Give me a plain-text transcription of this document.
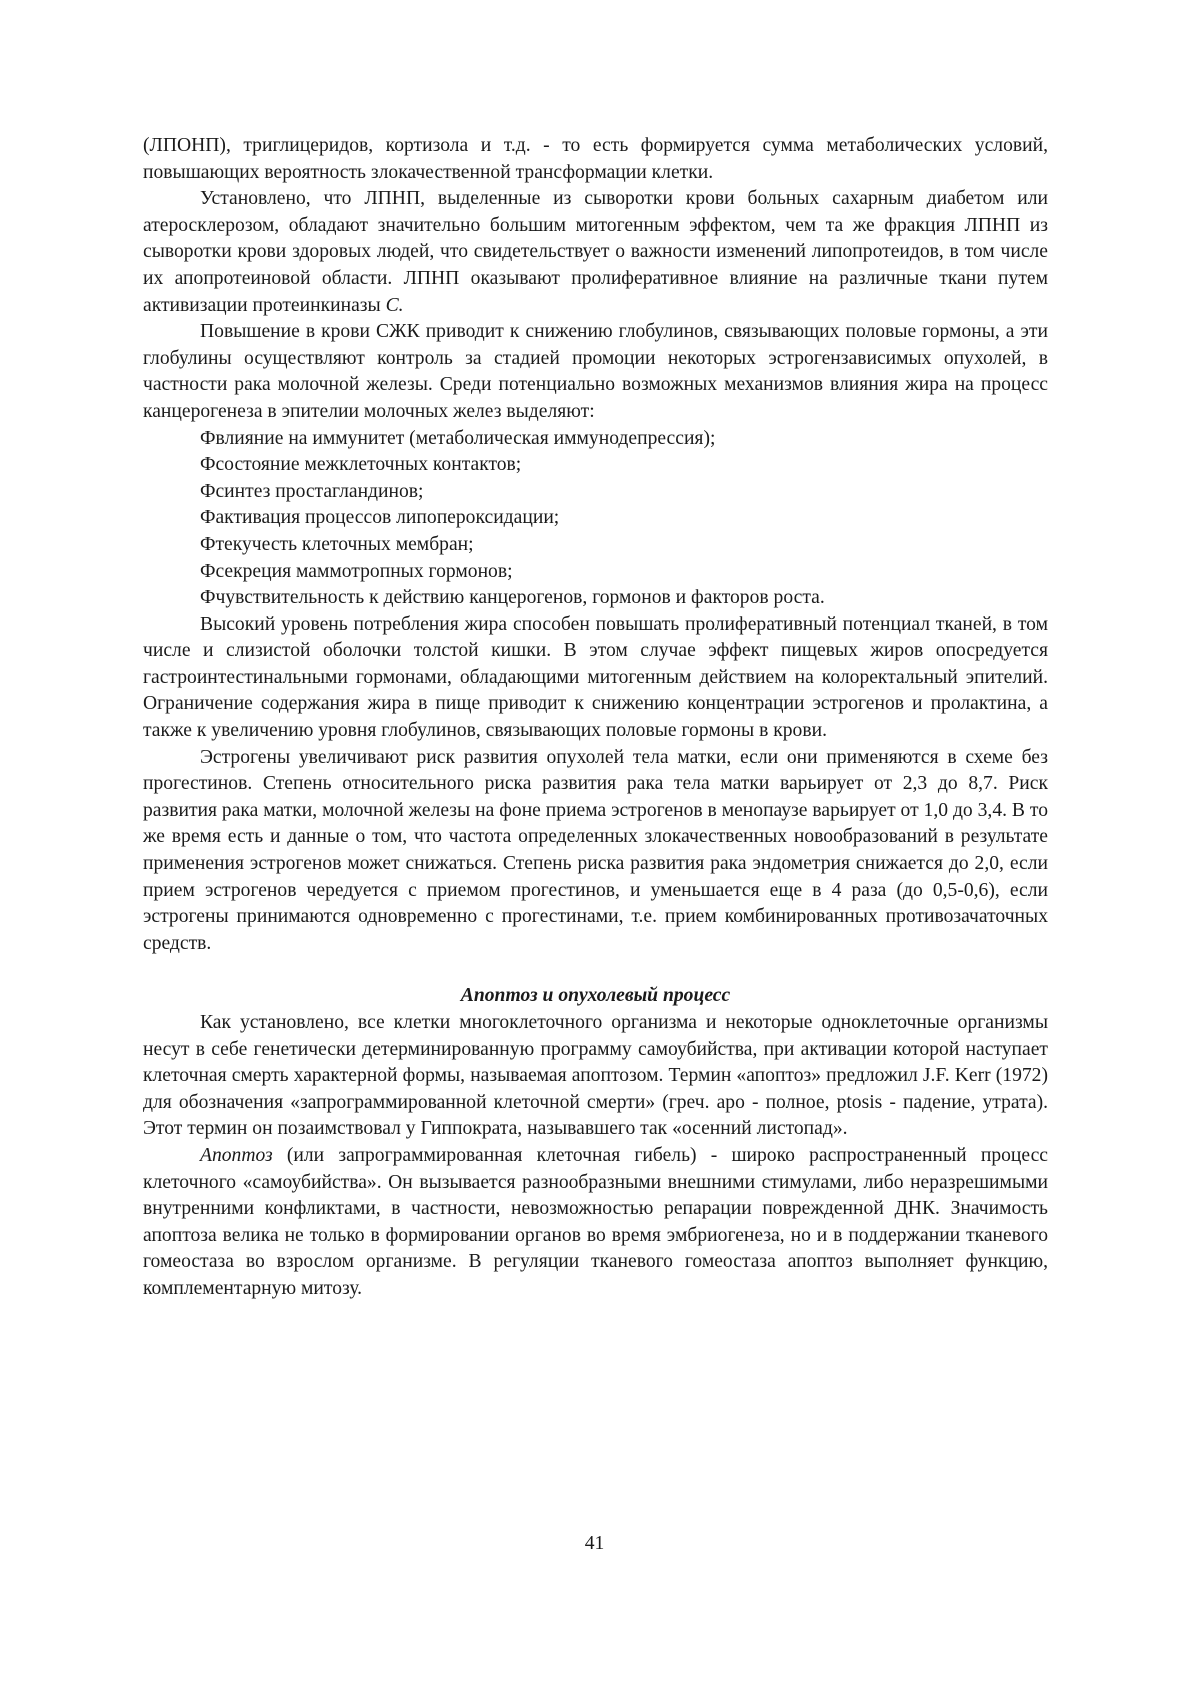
(ЛПОНП), триглицеридов, кортизола и т.д. - то есть формируется сумма метаболических условий, повышающих вероятность злокачественной трансформации клетки.

Установлено, что ЛПНП, выделенные из сыворотки крови больных сахарным диабетом или атеросклерозом, обладают значительно большим митогенным эффектом, чем та же фракция ЛПНП из сыворотки крови здоровых людей, что свидетельствует о важности изменений липопротеидов, в том числе их апопротеиновой области. ЛПНП оказывают пролиферативное влияние на различные ткани путем активизации протеинкиназы С.

Повышение в крови СЖК приводит к снижению глобулинов, связывающих половые гормоны, а эти глобулины осуществляют контроль за стадией промоции некоторых эстрогензависимых опухолей, в частности рака молочной железы. Среди потенциально возможных механизмов влияния жира на процесс канцерогенеза в эпителии молочных желез выделяют:

Фвлияние на иммунитет (метаболическая иммунодепрессия);
Фсостояние межклеточных контактов;
Фсинтез простагландинов;
Фактивация процессов липопероксидации;
Фтекучесть клеточных мембран;
Фсекреция маммотропных гормонов;
Фчувствительность к действию канцерогенов, гормонов и факторов роста.

Высокий уровень потребления жира способен повышать пролиферативный потенциал тканей, в том числе и слизистой оболочки толстой кишки. В этом случае эффект пищевых жиров опосредуется гастроинтестинальными гормонами, обладающими митогенным действием на колоректальный эпителий. Ограничение содержания жира в пище приводит к снижению концентрации эстрогенов и пролактина, а также к увеличению уровня глобулинов, связывающих половые гормоны в крови.

Эстрогены увеличивают риск развития опухолей тела матки, если они применяются в схеме без прогестинов. Степень относительного риска развития рака тела матки варьирует от 2,3 до 8,7. Риск развития рака матки, молочной железы на фоне приема эстрогенов в менопаузе варьирует от 1,0 до 3,4. В то же время есть и данные о том, что частота определенных злокачественных новообразований в результате применения эстрогенов может снижаться. Степень риска развития рака эндометрия снижается до 2,0, если прием эстрогенов чередуется с приемом прогестинов, и уменьшается еще в 4 раза (до 0,5-0,6), если эстрогены принимаются одновременно с прогестинами, т.е. прием комбинированных противозачаточных средств.

Апоптоз и опухолевый процесс

Как установлено, все клетки многоклеточного организма и некоторые одноклеточные организмы несут в себе генетически детерминированную программу самоубийства, при активации которой наступает клеточная смерть характерной формы, называемая апоптозом. Термин «апоптоз» предложил J.F. Kerr (1972) для обозначения «запрограммированной клеточной смерти» (греч. apo - полное, ptosis - падение, утрата). Этот термин он позаимствовал у Гиппократа, называвшего так «осенний листопад».

Апоптоз (или запрограммированная клеточная гибель) - широко распространенный процесс клеточного «самоубийства». Он вызывается разнообразными внешними стимулами, либо неразрешимыми внутренними конфликтами, в частности, невозможностью репарации поврежденной ДНК. Значимость апоптоза велика не только в формировании органов во время эмбриогенеза, но и в поддержании тканевого гомеостаза во взрослом организме. В регуляции тканевого гомеостаза апоптоз выполняет функцию, комплементарную митозу.

41
